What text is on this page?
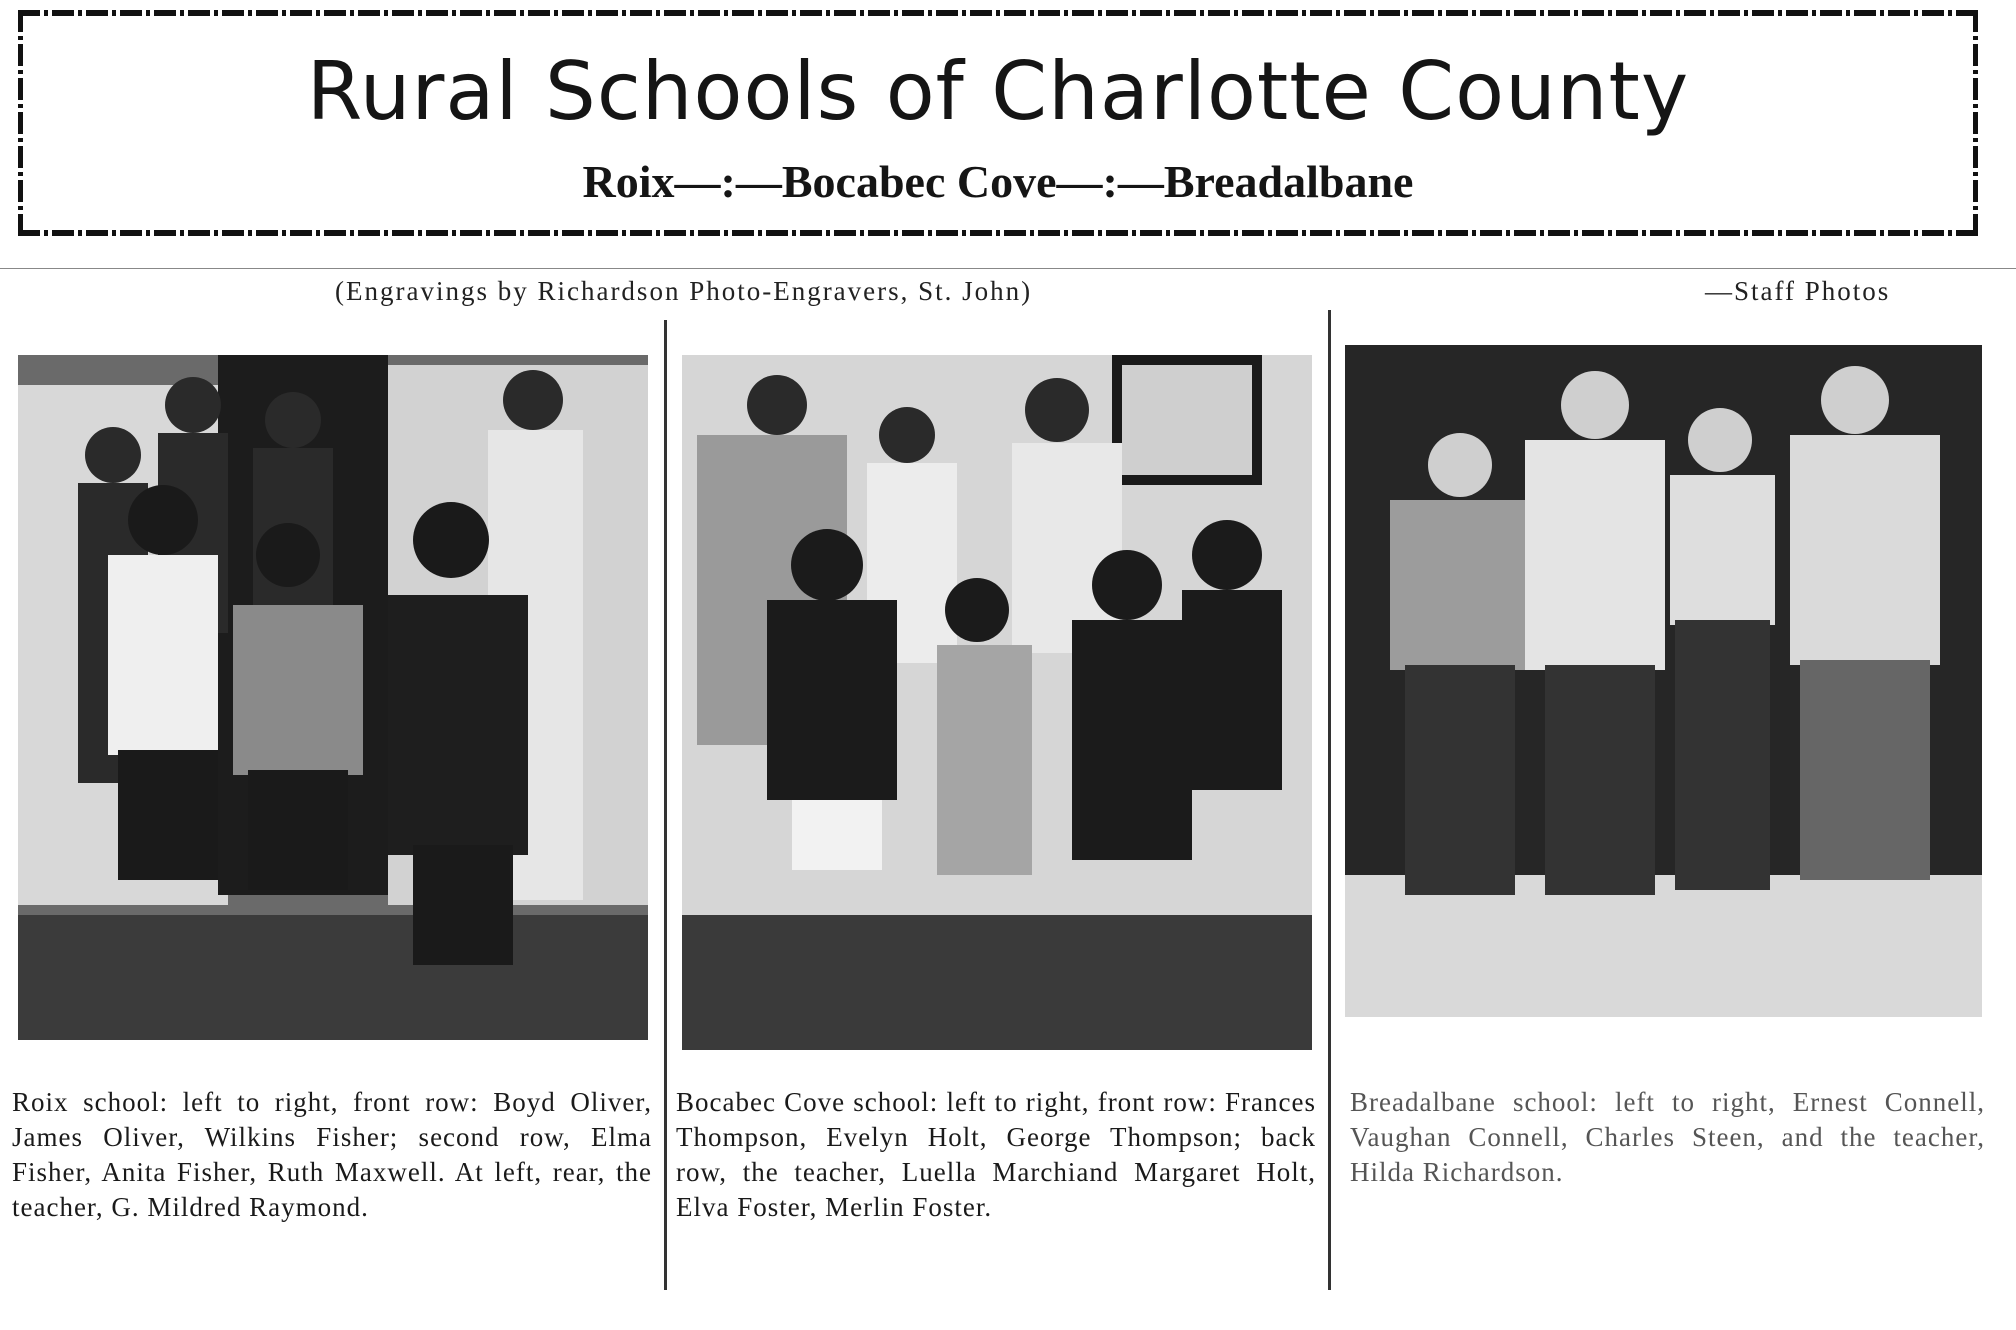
Rural Schools of Charlotte County
Roix—:—Bocabec Cove—:—Breadalbane
(Engravings by Richardson Photo-Engravers, St. John)	—Staff Photos
Roix school: left to right, front row: Boyd Oliver, James Oliver, Wilkins Fisher; second row, Elma Fisher, Anita Fisher, Ruth Maxwell. At left, rear, the teacher, G. Mildred Raymond.
Bocabec Cove school: left to right, front row: Frances Thompson, Evelyn Holt, George Thompson; back row, the teacher, Luella Marchiand Margaret Holt, Elva Foster, Merlin Foster.
Breadalbane school: left to right, Ernest Connell, Vaughan Connell, Charles Steen, and the teacher, Hilda Richardson.
